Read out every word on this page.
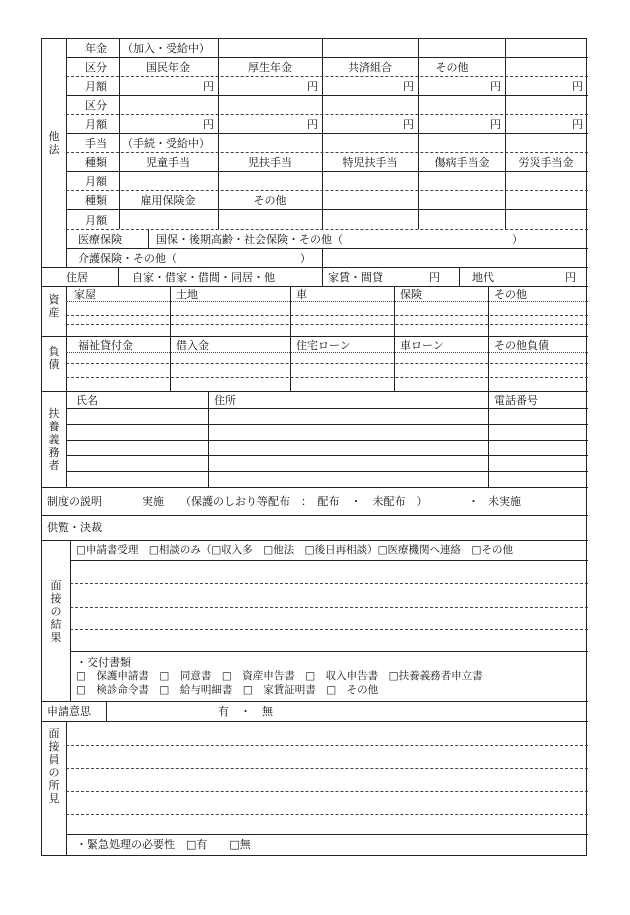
他
法
年金 （加入・受給中）
区分	国民年金	厚生年金	共済組合	その他
月額	円	円	円	円	円
区分
月額	円	円	円	円	円
手当 （手続・受給中）
種類	児童手当	児扶手当	特児扶手当	傷病手当金	労災手当金
月額
種類	雇用保険金	その他
月額
医療保険	国保・後期高齢・社会保険・その他（	）
介護保険・その他（	）
住居	自家・借家・借間・同居・他	家賃・間貸	円	地代	円
資
産
家屋	土地	車	保険	その他
負
債
福祉貸付金	借入金	住宅ローン	車ローン	その他負債
扶
養
義
務
者
氏名	住所	電話番号
制度の説明	実施 （保護のしおり等配布　：　配布　・　未配布　）	・ 未実施
供覧・決裁
面
接
の
結
果
□申請書受理　□相談のみ（□収入多　□他法　□後日再相談）□医療機関へ連絡　□その他
・交付書類
□　保護申請書　□　同意書　□　資産申告書　□　収入申告書　□扶養義務者申立書
□　検診命令書　□　給与明細書　□　家賃証明書　□　その他
申請意思	有　・　無
面
接
員
の
所
見
・緊急処理の必要性　□有　　□無
